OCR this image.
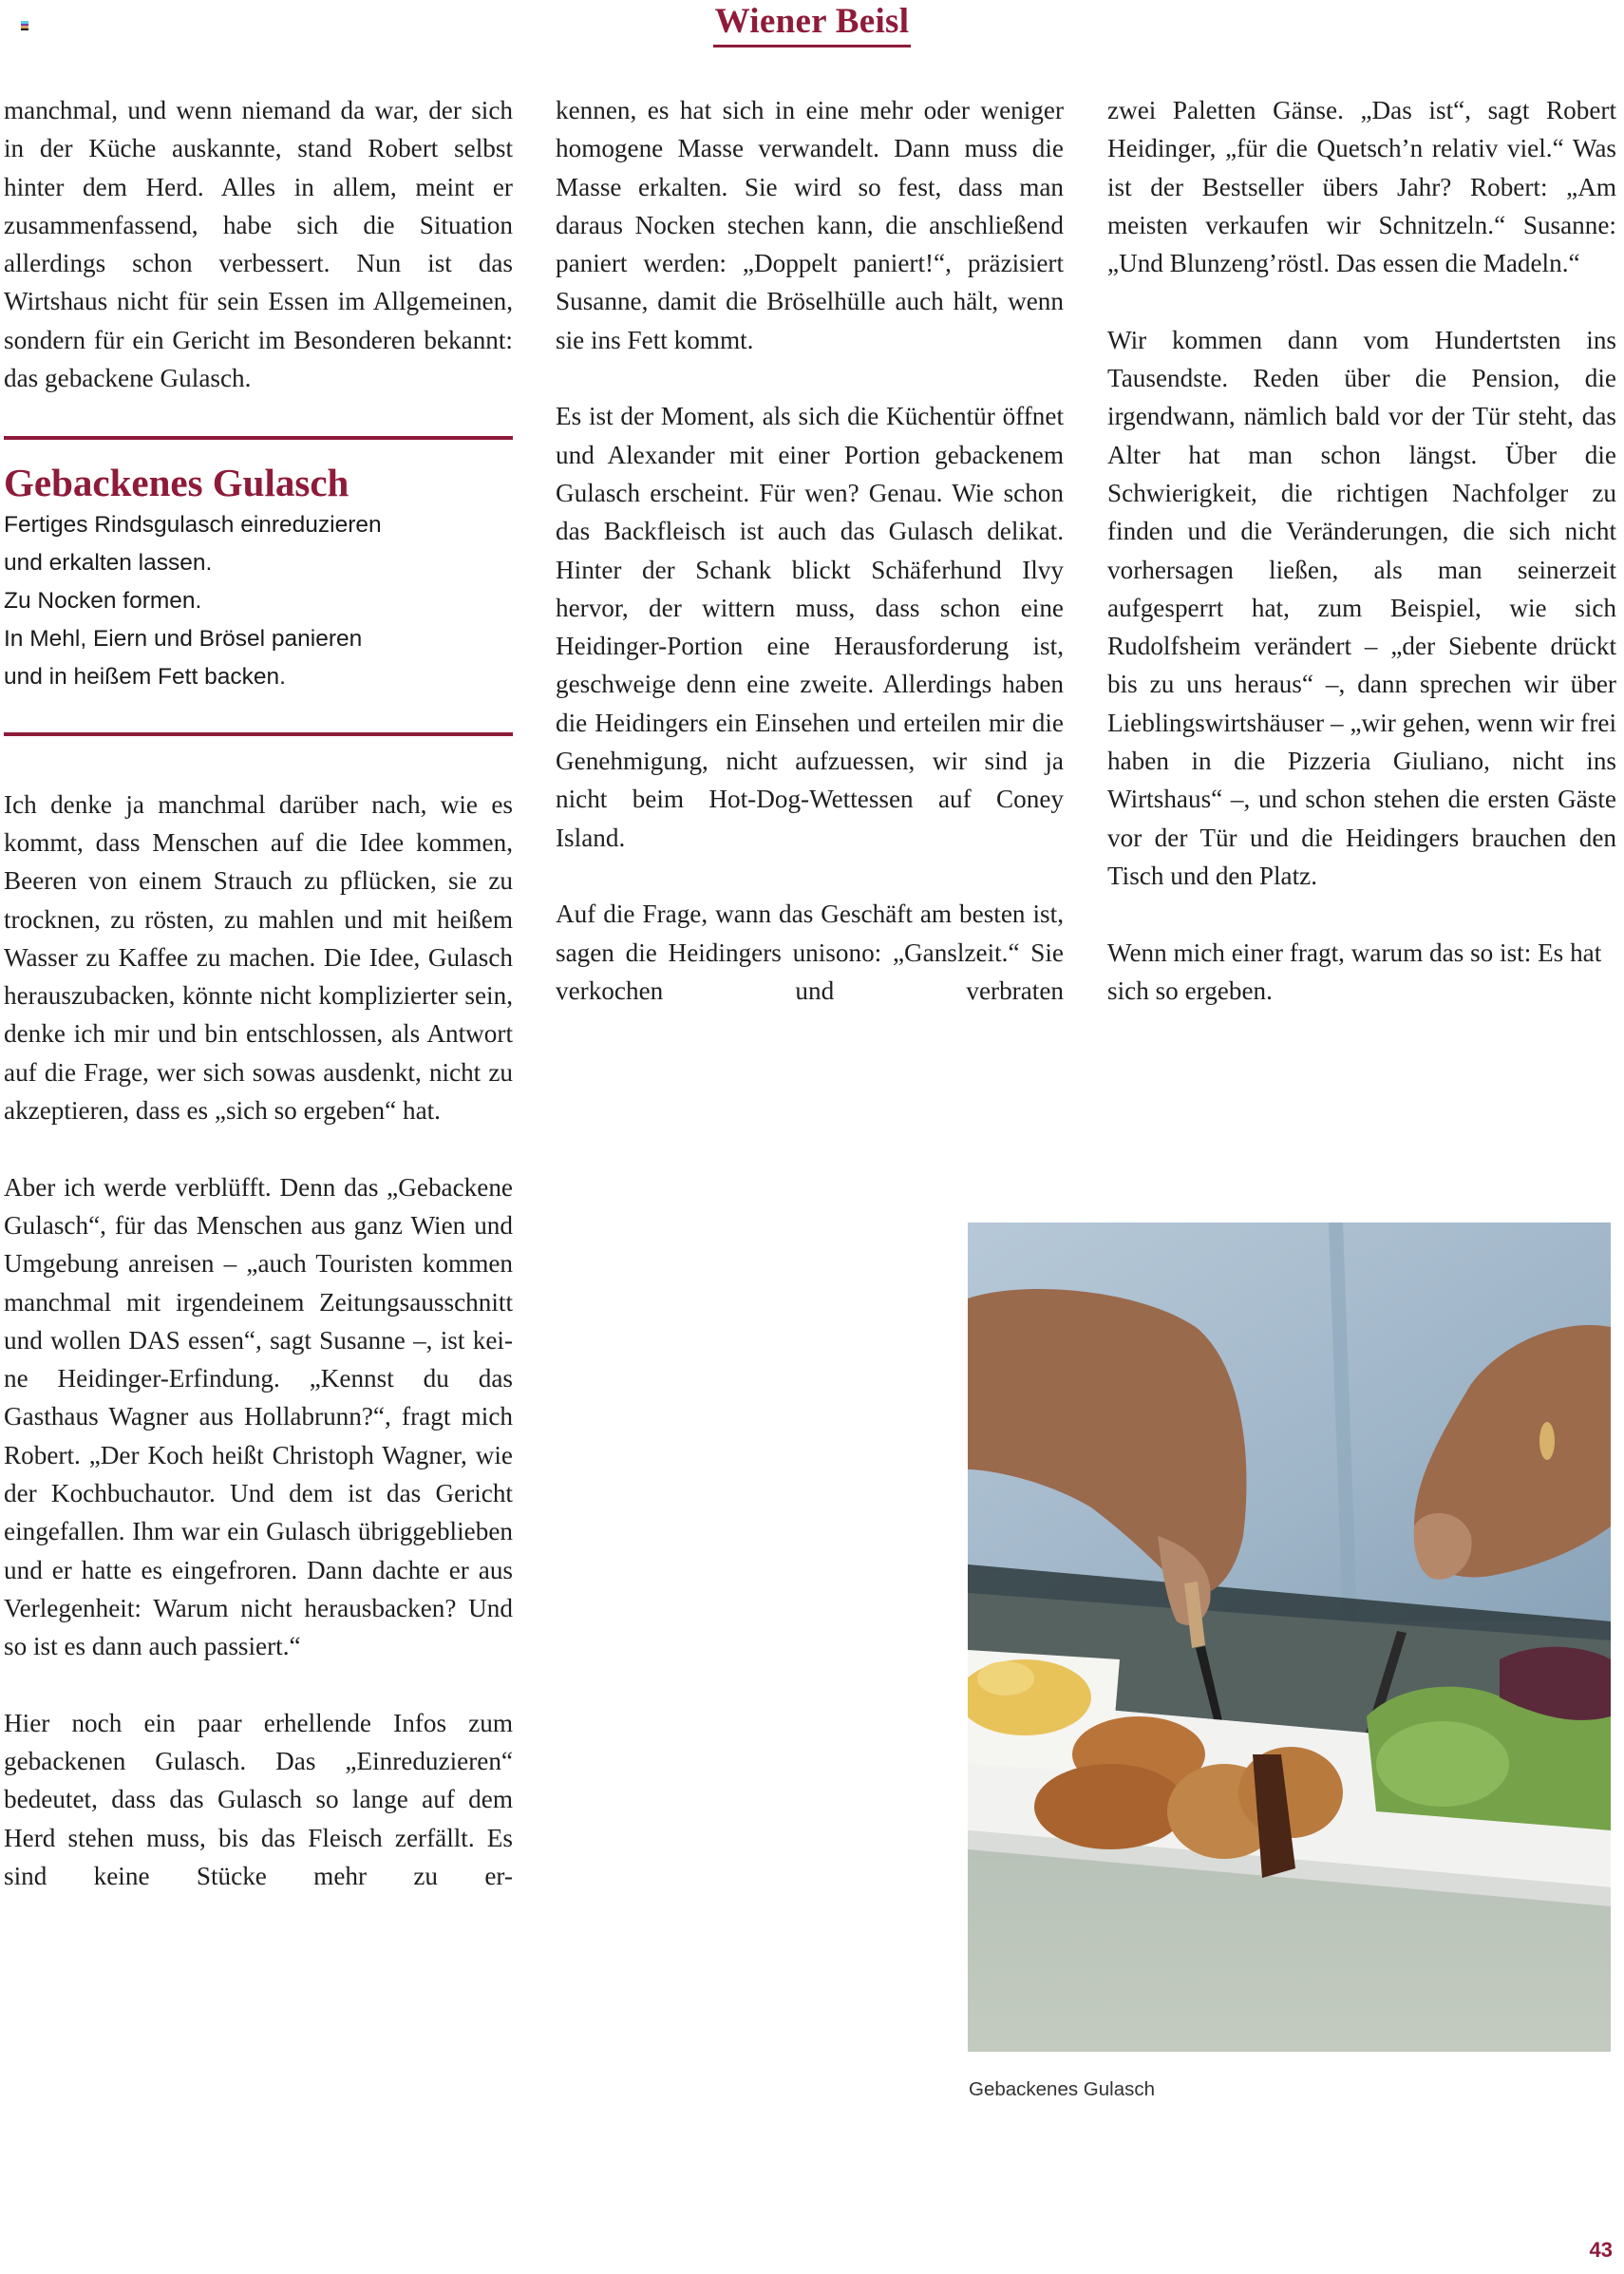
Wiener Beisl

manchmal, und wenn niemand da war, der sich in der Küche auskannte, stand Robert selbst hinter dem Herd. Alles in allem, meint er zusammenfassend, habe sich die Situation allerdings schon verbessert. Nun ist das Wirtshaus nicht für sein Essen im Allgemeinen, sondern für ein Gericht im Besonderen bekannt: das gebackene Gulasch.

Gebackenes Gulasch
Fertiges Rindsgulasch einreduzieren
und erkalten lassen.
Zu Nocken formen.
In Mehl, Eiern und Brösel panieren
und in heißem Fett backen.

Ich denke ja manchmal darüber nach, wie es kommt, dass Menschen auf die Idee kommen, Beeren von einem Strauch zu pflücken, sie zu trocknen, zu rösten, zu mahlen und mit heißem Wasser zu Kaffee zu machen. Die Idee, Gulasch herauszubacken, könnte nicht komplizierter sein, denke ich mir und bin entschlossen, als Antwort auf die Frage, wer sich sowas ausdenkt, nicht zu akzeptieren, dass es „sich so ergeben“ hat.

Aber ich werde verblüfft. Denn das „Gebackene Gulasch“, für das Menschen aus ganz Wien und Umgebung anreisen – „auch Touristen kommen manchmal mit irgendeinem Zeitungsausschnitt und wollen DAS essen“, sagt Susanne –, ist keine Heidinger-Erfindung. „Kennst du das Gasthaus Wagner aus Hollabrunn?“, fragt mich Robert. „Der Koch heißt Christoph Wagner, wie der Kochbuchautor. Und dem ist das Gericht eingefallen. Ihm war ein Gulasch übriggeblieben und er hatte es eingefroren. Dann dachte er aus Verlegenheit: Warum nicht herausbacken? Und so ist es dann auch passiert.“

Hier noch ein paar erhellende Infos zum gebackenen Gulasch. Das „Einreduzieren“ bedeutet, dass das Gulasch so lange auf dem Herd stehen muss, bis das Fleisch zerfällt. Es sind keine Stücke mehr zu er-

kennen, es hat sich in eine mehr oder weniger homogene Masse verwandelt. Dann muss die Masse erkalten. Sie wird so fest, dass man daraus Nocken stechen kann, die anschließend paniert werden: „Doppelt paniert!“, präzisiert Susanne, damit die Bröselhülle auch hält, wenn sie ins Fett kommt.

Es ist der Moment, als sich die Küchentür öffnet und Alexander mit einer Portion gebackenem Gulasch erscheint. Für wen? Genau. Wie schon das Backfleisch ist auch das Gulasch delikat. Hinter der Schank blickt Schäferhund Ilvy hervor, der wittern muss, dass schon eine Heidinger-Portion eine Herausforderung ist, geschweige denn eine zweite. Allerdings haben die Heidingers ein Einsehen und erteilen mir die Genehmigung, nicht aufzuessen, wir sind ja nicht beim Hot-Dog-Wettessen auf Coney Island.

Auf die Frage, wann das Geschäft am besten ist, sagen die Heidingers unisono: „Ganslzeit.“ Sie verkochen und verbraten

zwei Paletten Gänse. „Das ist“, sagt Robert Heidinger, „für die Quetsch’n relativ viel.“ Was ist der Bestseller übers Jahr? Robert: „Am meisten verkaufen wir Schnitzeln.“ Susanne: „Und Blunzeng’röstl. Das essen die Madeln.“

Wir kommen dann vom Hundertsten ins Tausendste. Reden über die Pension, die irgendwann, nämlich bald vor der Tür steht, das Alter hat man schon längst. Über die Schwierigkeit, die richtigen Nachfolger zu finden und die Veränderungen, die sich nicht vorhersagen ließen, als man seinerzeit aufgesperrt hat, zum Beispiel, wie sich Rudolfsheim verändert – „der Siebente drückt bis zu uns heraus“ –, dann sprechen wir über Lieblingswirtshäuser – „wir gehen, wenn wir frei haben in die Pizzeria Giuliano, nicht ins Wirtshaus“ –, und schon stehen die ersten Gäste vor der Tür und die Heidingers brauchen den Tisch und den Platz.

Wenn mich einer fragt, warum das so ist: Es hat sich so ergeben.

Gebackenes Gulasch
43
